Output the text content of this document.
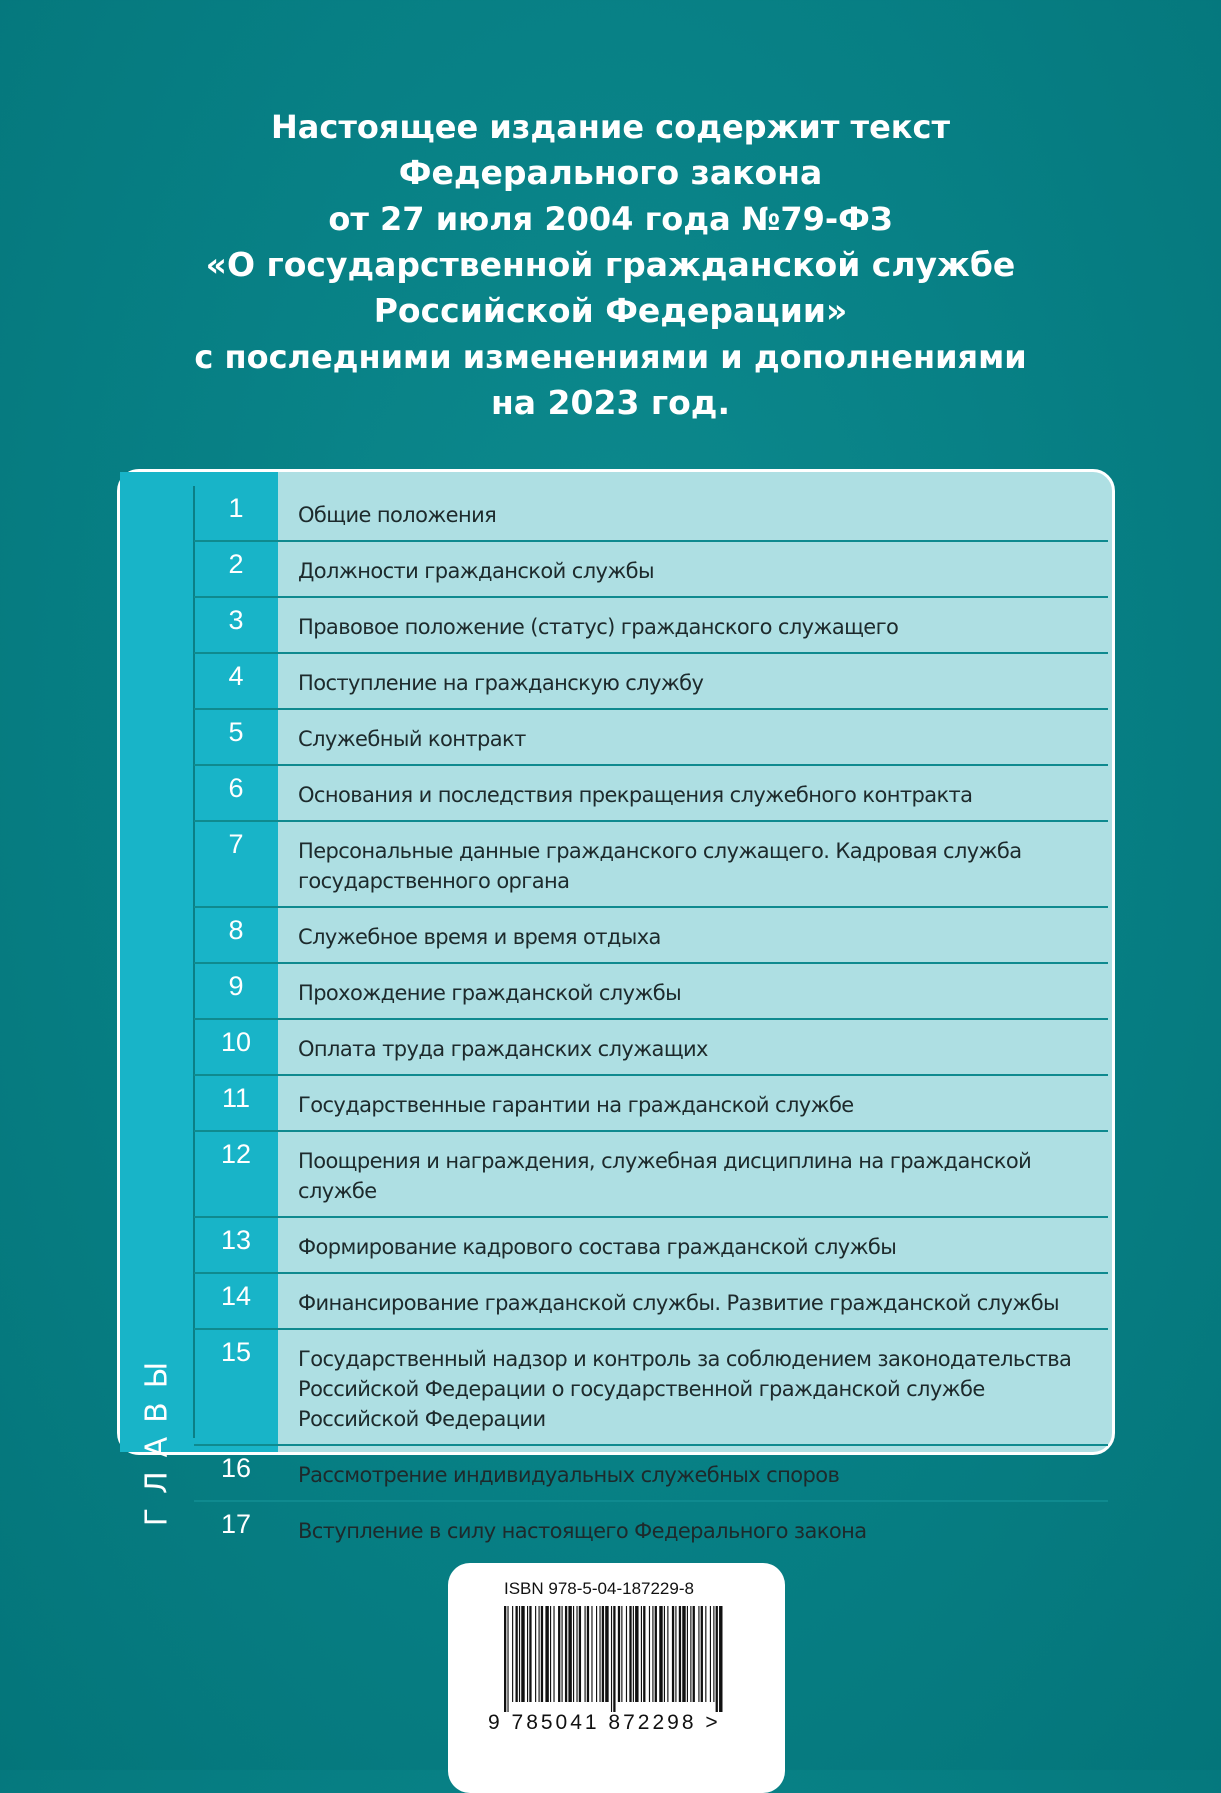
Настоящее издание содержит текст
Федерального закона
от 27 июля 2004 года №79-ФЗ
«О государственной гражданской службе
Российской Федерации»
с последними изменениями и дополнениями
на 2023 год.
ГЛАВЫ
1	Общие положения
2	Должности гражданской службы
3	Правовое положение (статус) гражданского служащего
4	Поступление на гражданскую службу
5	Служебный контракт
6	Основания и последствия прекращения служебного контракта
7	Персональные данные гражданского служащего. Кадровая служба
государственного органа
8	Служебное время и время отдыха
9	Прохождение гражданской службы
10	Оплата труда гражданских служащих
11	Государственные гарантии на гражданской службе
12	Поощрения и награждения, служебная дисциплина на гражданской службе
13	Формирование кадрового состава гражданской службы
14	Финансирование гражданской службы. Развитие гражданской службы
15	Государственный надзор и контроль за соблюдением законодательства
Российской Федерации о государственной гражданской службе
Российской Федерации
16	Рассмотрение индивидуальных служебных споров
17	Вступление в силу настоящего Федерального закона
ISBN 978-5-04-187229-8
9 785041 872298 >
